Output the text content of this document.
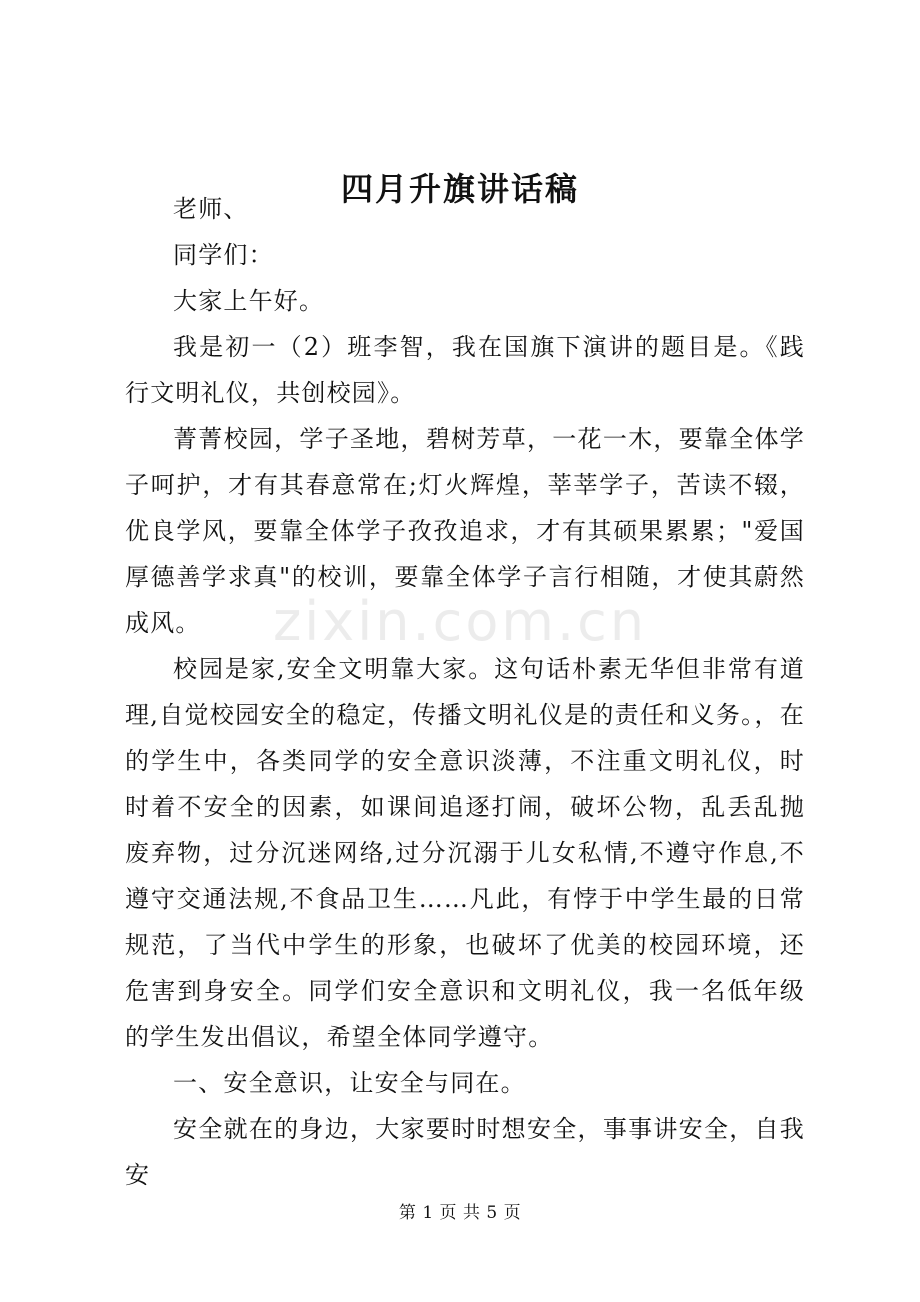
四月升旗讲话稿

老师、

同学们：

大家上午好。

我是初一（2）班李智，我在国旗下演讲的题目是。《践行文明礼仪，共创校园》。

菁菁校园，学子圣地，碧树芳草，一花一木，要靠全体学子呵护，才有其春意常在;灯火辉煌，莘莘学子，苦读不辍，优良学风，要靠全体学子孜孜追求，才有其硕果累累；"爱国厚德善学求真"的校训，要靠全体学子言行相随，才使其蔚然成风。

校园是家,安全文明靠大家。这句话朴素无华但非常有道理,自觉校园安全的稳定，传播文明礼仪是的责任和义务。，在的学生中，各类同学的安全意识淡薄，不注重文明礼仪，时时着不安全的因素，如课间追逐打闹，破坏公物，乱丢乱抛废弃物，过分沉迷网络,过分沉溺于儿女私情,不遵守作息,不遵守交通法规,不食品卫生……凡此，有悖于中学生最的日常规范，了当代中学生的形象，也破坏了优美的校园环境，还危害到身安全。同学们安全意识和文明礼仪，我一名低年级的学生发出倡议，希望全体同学遵守。

一、安全意识，让安全与同在。

安全就在的身边，大家要时时想安全，事事讲安全，自我安

zixin.com.cn
第 1 页 共 5 页
